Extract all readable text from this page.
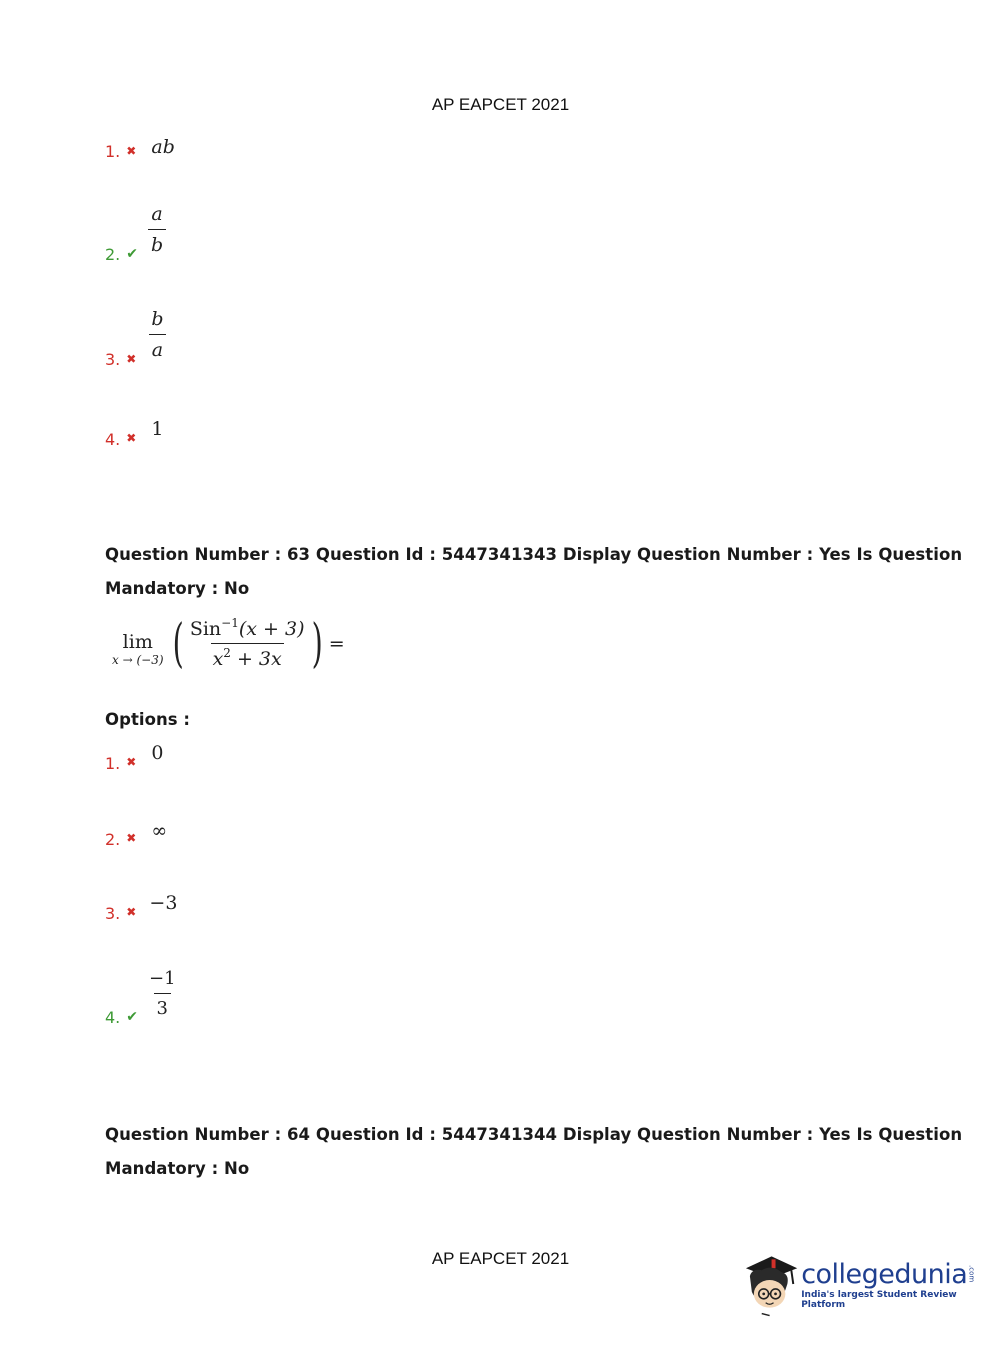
AP EAPCET 2021
1. ✖ ab
2. ✔ $\frac{a}{b}$
3. ✖ $\frac{b}{a}$
4. ✖ 1
Question Number : 63 Question Id : 5447341343 Display Question Number : Yes Is Question
Mandatory : No
lim
x → (−3) ( $\frac{Sin^{-1}(x + 3)}{x^2 + 3x}$ ) =
Options :
1. ✖ 0
2. ✖ ∞
3. ✖ −3
4. ✔ $\frac{-1}{3}$
Question Number : 64 Question Id : 5447341344 Display Question Number : Yes Is Question
Mandatory : No
AP EAPCET 2021	collegedunia.com
India's largest Student Review Platform
